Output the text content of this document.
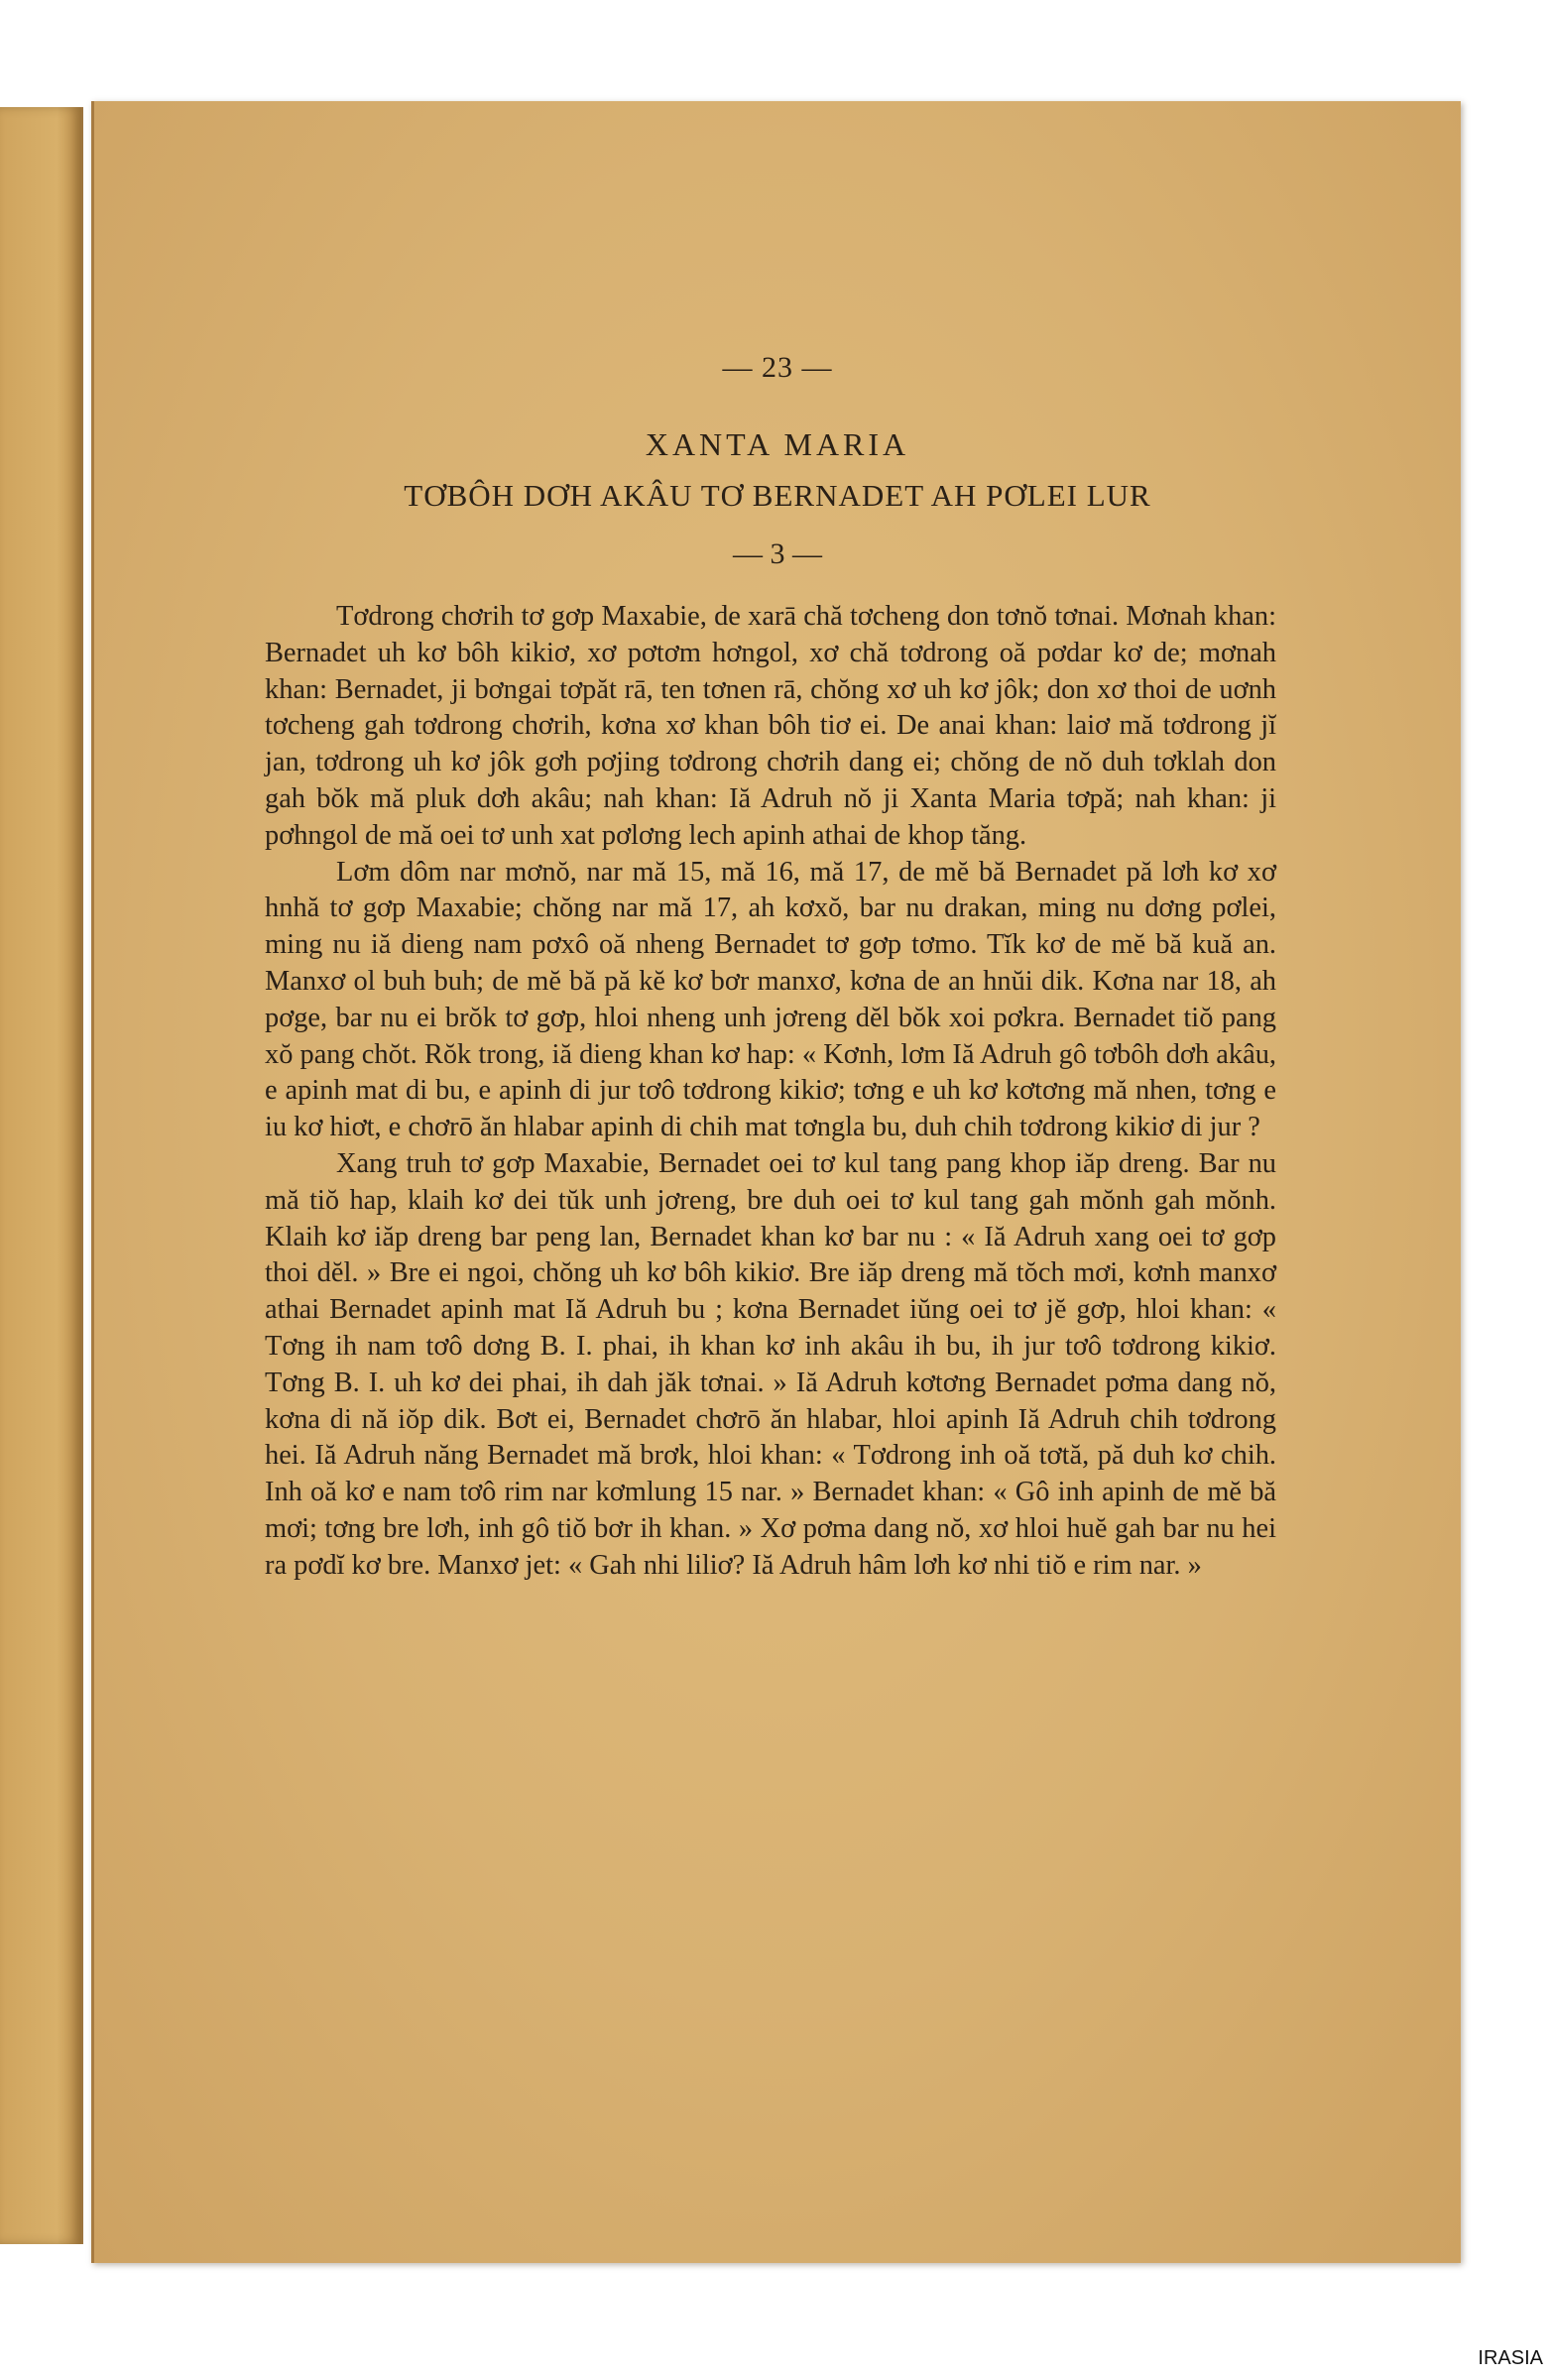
— 23 —
XANTA MARIA
TƠBÔH DƠH AKÂU TƠ BERNADET AH PƠLEI LUR
— 3 —

Tơdrong chơrih tơ gơp Maxabie, de xarā chă tơcheng don tơnŏ tơnai. Mơnah khan: Bernadet uh kơ bôh kikiơ, xơ pơtơm hơngol, xơ chă tơdrong oă pơdar kơ de; mơnah khan: Bernadet, ji bơngai tơpăt rā, ten tơnen rā, chŏng xơ uh kơ jôk; don xơ thoi de uơnh tơcheng gah tơdrong chơrih, kơna xơ khan bôh tiơ ei. De anai khan: laiơ mă tơdrong jĭ jan, tơdrong uh kơ jôk gơh pơjing tơdrong chơrih dang ei; chŏng de nŏ duh tơklah don gah bŏk mă pluk dơh akâu; nah khan: Iă Adruh nŏ ji Xanta Maria tơpă; nah khan: ji pơhngol de mă oei tơ unh xat pơlơng lech apinh athai de khop tăng.

Lơm dôm nar mơnŏ, nar mă 15, mă 16, mă 17, de mĕ bă Bernadet pă lơh kơ xơ hnhă tơ gơp Maxabie; chŏng nar mă 17, ah kơxŏ, bar nu drakan, ming nu dơng pơlei, ming nu iă dieng nam pơxô oă nheng Bernadet tơ gơp tơmo. Tĭk kơ de mĕ bă kuă an. Manxơ ol buh buh; de mĕ bă pă kĕ kơ bơr manxơ, kơna de an hnŭi dik. Kơna nar 18, ah pơge, bar nu ei brŏk tơ gơp, hloi nheng unh jơreng dĕl bŏk xoi pơkra. Bernadet tiŏ pang xŏ pang chŏt. Rŏk trong, iă dieng khan kơ hap: « Kơnh, lơm Iă Adruh gô tơbôh dơh akâu, e apinh mat di bu, e apinh di jur tơô tơdrong kikiơ; tơng e uh kơ kơtơng mă nhen, tơng e iu kơ hiơt, e chơrō ăn hlabar apinh di chih mat tơngla bu, duh chih tơdrong kikiơ di jur ?

Xang truh tơ gơp Maxabie, Bernadet oei tơ kul tang pang khop iăp dreng. Bar nu mă tiŏ hap, klaih kơ dei tŭk unh jơreng, bre duh oei tơ kul tang gah mŏnh gah mŏnh. Klaih kơ iăp dreng bar peng lan, Bernadet khan kơ bar nu : « Iă Adruh xang oei tơ gơp thoi dĕl. » Bre ei ngoi, chŏng uh kơ bôh kikiơ. Bre iăp dreng mă tŏch mơi, kơnh manxơ athai Bernadet apinh mat Iă Adruh bu ; kơna Bernadet iŭng oei tơ jĕ gơp, hloi khan: « Tơng ih nam tơô dơng B. I. phai, ih khan kơ inh akâu ih bu, ih jur tơô tơdrong kikiơ. Tơng B. I. uh kơ dei phai, ih dah jăk tơnai. » Iă Adruh kơtơng Bernadet pơma dang nŏ, kơna di nă iŏp dik. Bơt ei, Bernadet chơrō ăn hlabar, hloi apinh Iă Adruh chih tơdrong hei. Iă Adruh năng Bernadet mă brơk, hloi khan: « Tơdrong inh oă tơtă, pă duh kơ chih. Inh oă kơ e nam tơô rim nar kơmlung 15 nar. » Bernadet khan: « Gô inh apinh de mĕ bă mơi; tơng bre lơh, inh gô tiŏ bơr ih khan. » Xơ pơma dang nŏ, xơ hloi huĕ gah bar nu hei ra pơdĭ kơ bre. Manxơ jet: « Gah nhi liliơ? Iă Adruh hâm lơh kơ nhi tiŏ e rim nar. »

IRASIA
